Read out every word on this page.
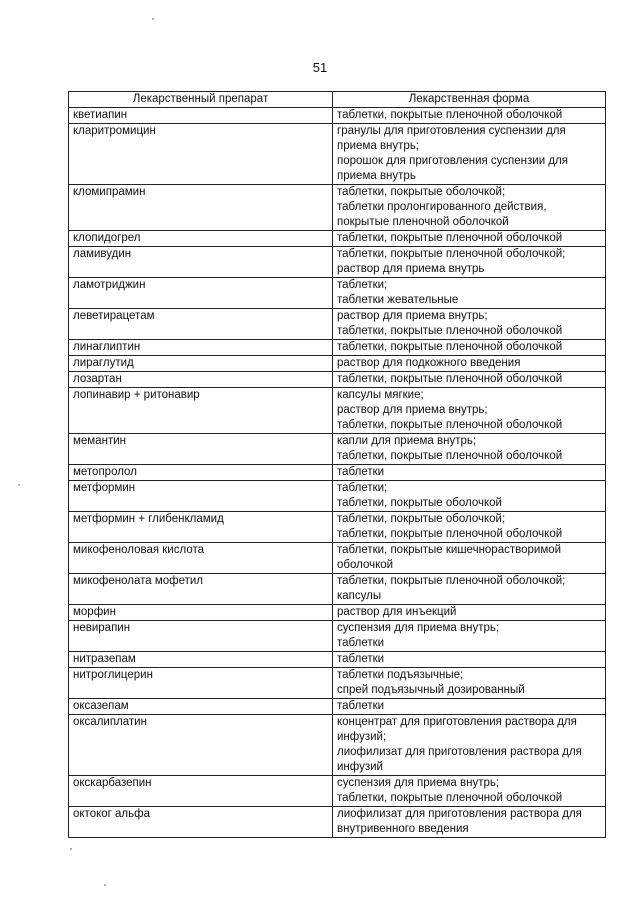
51
Лекарственный препарат	Лекарственная форма
кветиапин	таблетки, покрытые пленочной оболочкой

кларитромицин	гранулы для приготовления суспензии для приема внутрь;
порошок для приготовления суспензии для приема внутрь

кломипрамин	таблетки, покрытые оболочкой;
таблетки пролонгированного действия, покрытые пленочной оболочкой

клопидогрел	таблетки, покрытые пленочной оболочкой

ламивудин	таблетки, покрытые пленочной оболочкой;
раствор для приема внутрь

ламотриджин	таблетки;
таблетки жевательные

леветирацетам	раствор для приема внутрь;
таблетки, покрытые пленочной оболочкой

линаглиптин	таблетки, покрытые пленочной оболочкой

лираглутид	раствор для подкожного введения

лозартан	таблетки, покрытые пленочной оболочкой

лопинавир + ритонавир	капсулы мягкие;
раствор для приема внутрь;
таблетки, покрытые пленочной оболочкой

мемантин	капли для приема внутрь;
таблетки, покрытые пленочной оболочкой

метопролол	таблетки

метформин	таблетки;
таблетки, покрытые оболочкой

метформин + глибенкламид	таблетки, покрытые оболочкой;
таблетки, покрытые пленочной оболочкой

микофеноловая кислота	таблетки, покрытые кишечнорастворимой оболочкой

микофенолата мофетил	таблетки, покрытые пленочной оболочкой;
капсулы

морфин	раствор для инъекций

невирапин	суспензия для приема внутрь;
таблетки

нитразепам	таблетки

нитроглицерин	таблетки подъязычные;
спрей подъязычный дозированный

оксазепам	таблетки

оксалиплатин	концентрат для приготовления раствора для инфузий;
лиофилизат для приготовления раствора для инфузий

окскарбазепин	суспензия для приема внутрь;
таблетки, покрытые пленочной оболочкой

октоког альфа	лиофилизат для приготовления раствора для внутривенного введения
